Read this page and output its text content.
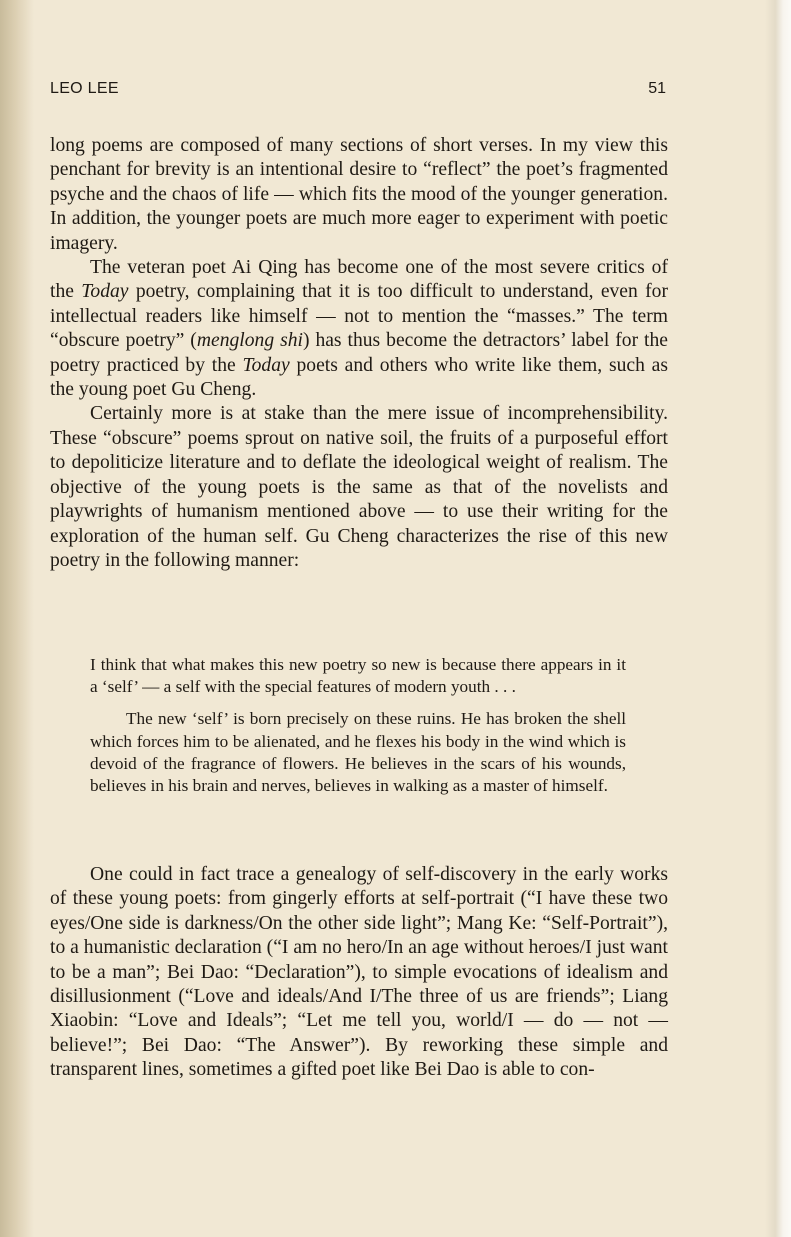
LEO LEE	51

long poems are composed of many sections of short verses. In my view this penchant for brevity is an intentional desire to “reflect” the poet’s fragmented psyche and the chaos of life — which fits the mood of the younger generation. In addition, the younger poets are much more eager to experiment with poetic imagery.

The veteran poet Ai Qing has become one of the most severe critics of the Today poetry, complaining that it is too difficult to understand, even for intellectual readers like himself — not to mention the “masses.” The term “obscure poetry” (menglong shi) has thus become the detractors’ label for the poetry practiced by the Today poets and others who write like them, such as the young poet Gu Cheng.

Certainly more is at stake than the mere issue of incomprehensibility. These “obscure” poems sprout on native soil, the fruits of a purposeful effort to depoliticize literature and to deflate the ideological weight of realism. The objective of the young poets is the same as that of the novelists and playwrights of humanism mentioned above — to use their writing for the exploration of the human self. Gu Cheng characterizes the rise of this new poetry in the following manner:

I think that what makes this new poetry so new is because there appears in it a ‘self’ — a self with the special features of modern youth . . .

The new ‘self’ is born precisely on these ruins. He has broken the shell which forces him to be alienated, and he flexes his body in the wind which is devoid of the fragrance of flowers. He believes in the scars of his wounds, believes in his brain and nerves, believes in walking as a master of himself.

One could in fact trace a genealogy of self-discovery in the early works of these young poets: from gingerly efforts at self-portrait (“I have these two eyes/One side is darkness/On the other side light”; Mang Ke: “Self-Portrait”), to a humanistic declaration (“I am no hero/In an age without heroes/I just want to be a man”; Bei Dao: “Declaration”), to simple evocations of idealism and disillusionment (“Love and ideals/And I/The three of us are friends”; Liang Xiaobin: “Love and Ideals”; “Let me tell you, world/I — do — not — believe!”; Bei Dao: “The Answer”). By reworking these simple and transparent lines, sometimes a gifted poet like Bei Dao is able to con-
